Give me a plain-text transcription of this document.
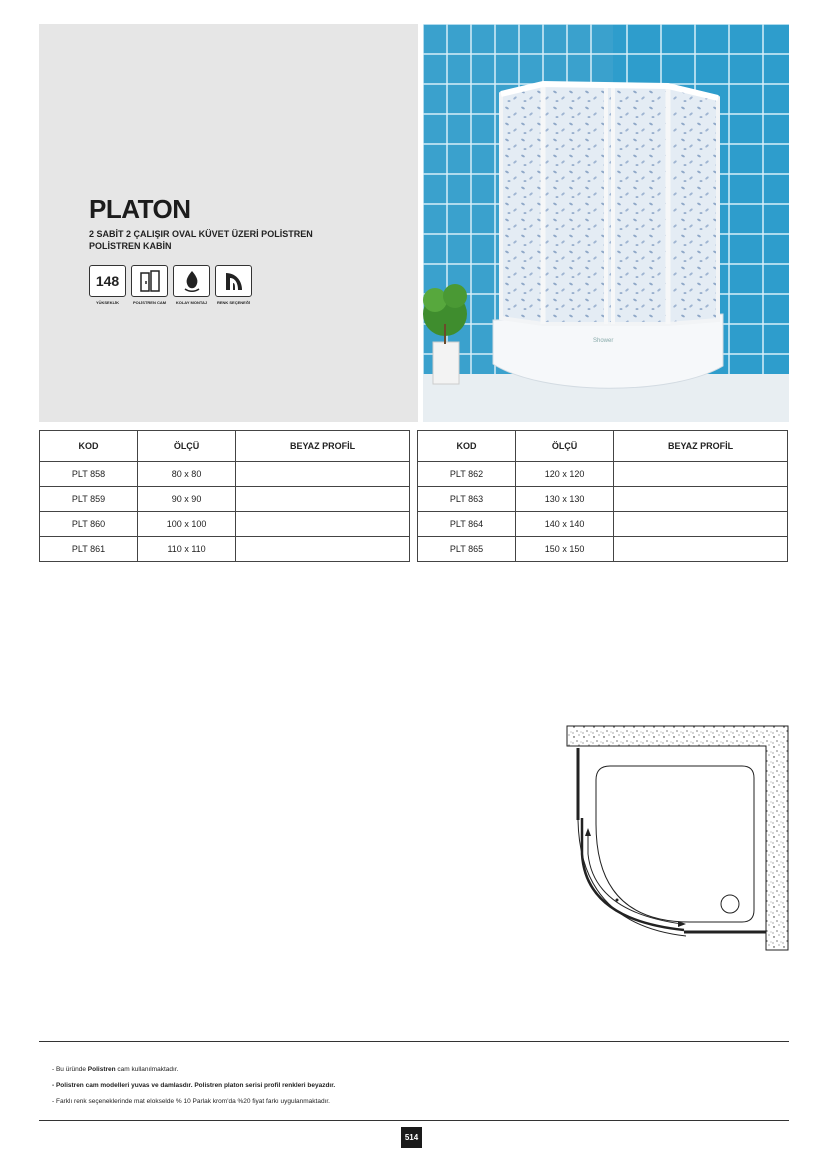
PLATON
2 SABİT 2 ÇALIŞIR OVAL KÜVET ÜZERİ POLİSTREN
POLİSTREN KABİN
148
YÜKSEKLİK	POLİSTREN CAM KOLAY MONTAJ RENK SEÇENEĞİ
Shower
KOD	ÖLÇÜ	BEYAZ PROFİL
PLT 858	80 x 80	
PLT 859	90 x 90	
PLT 860	100 x 100	
PLT 861	110 x 110	
KOD	ÖLÇÜ	BEYAZ PROFİL
PLT 862	120 x 120	
PLT 863	130 x 130	
PLT 864	140 x 140	
PLT 865	150 x 150	
- Bu üründe Polistren cam kullanılmaktadır.
- Polistren cam modelleri yuvas ve damlasdır. Polistren platon serisi profil renkleri beyazdır.
- Farklı renk seçeneklerinde mat elokselde % 10 Parlak krom'da %20 fiyat farkı uygulanmaktadır.
514
